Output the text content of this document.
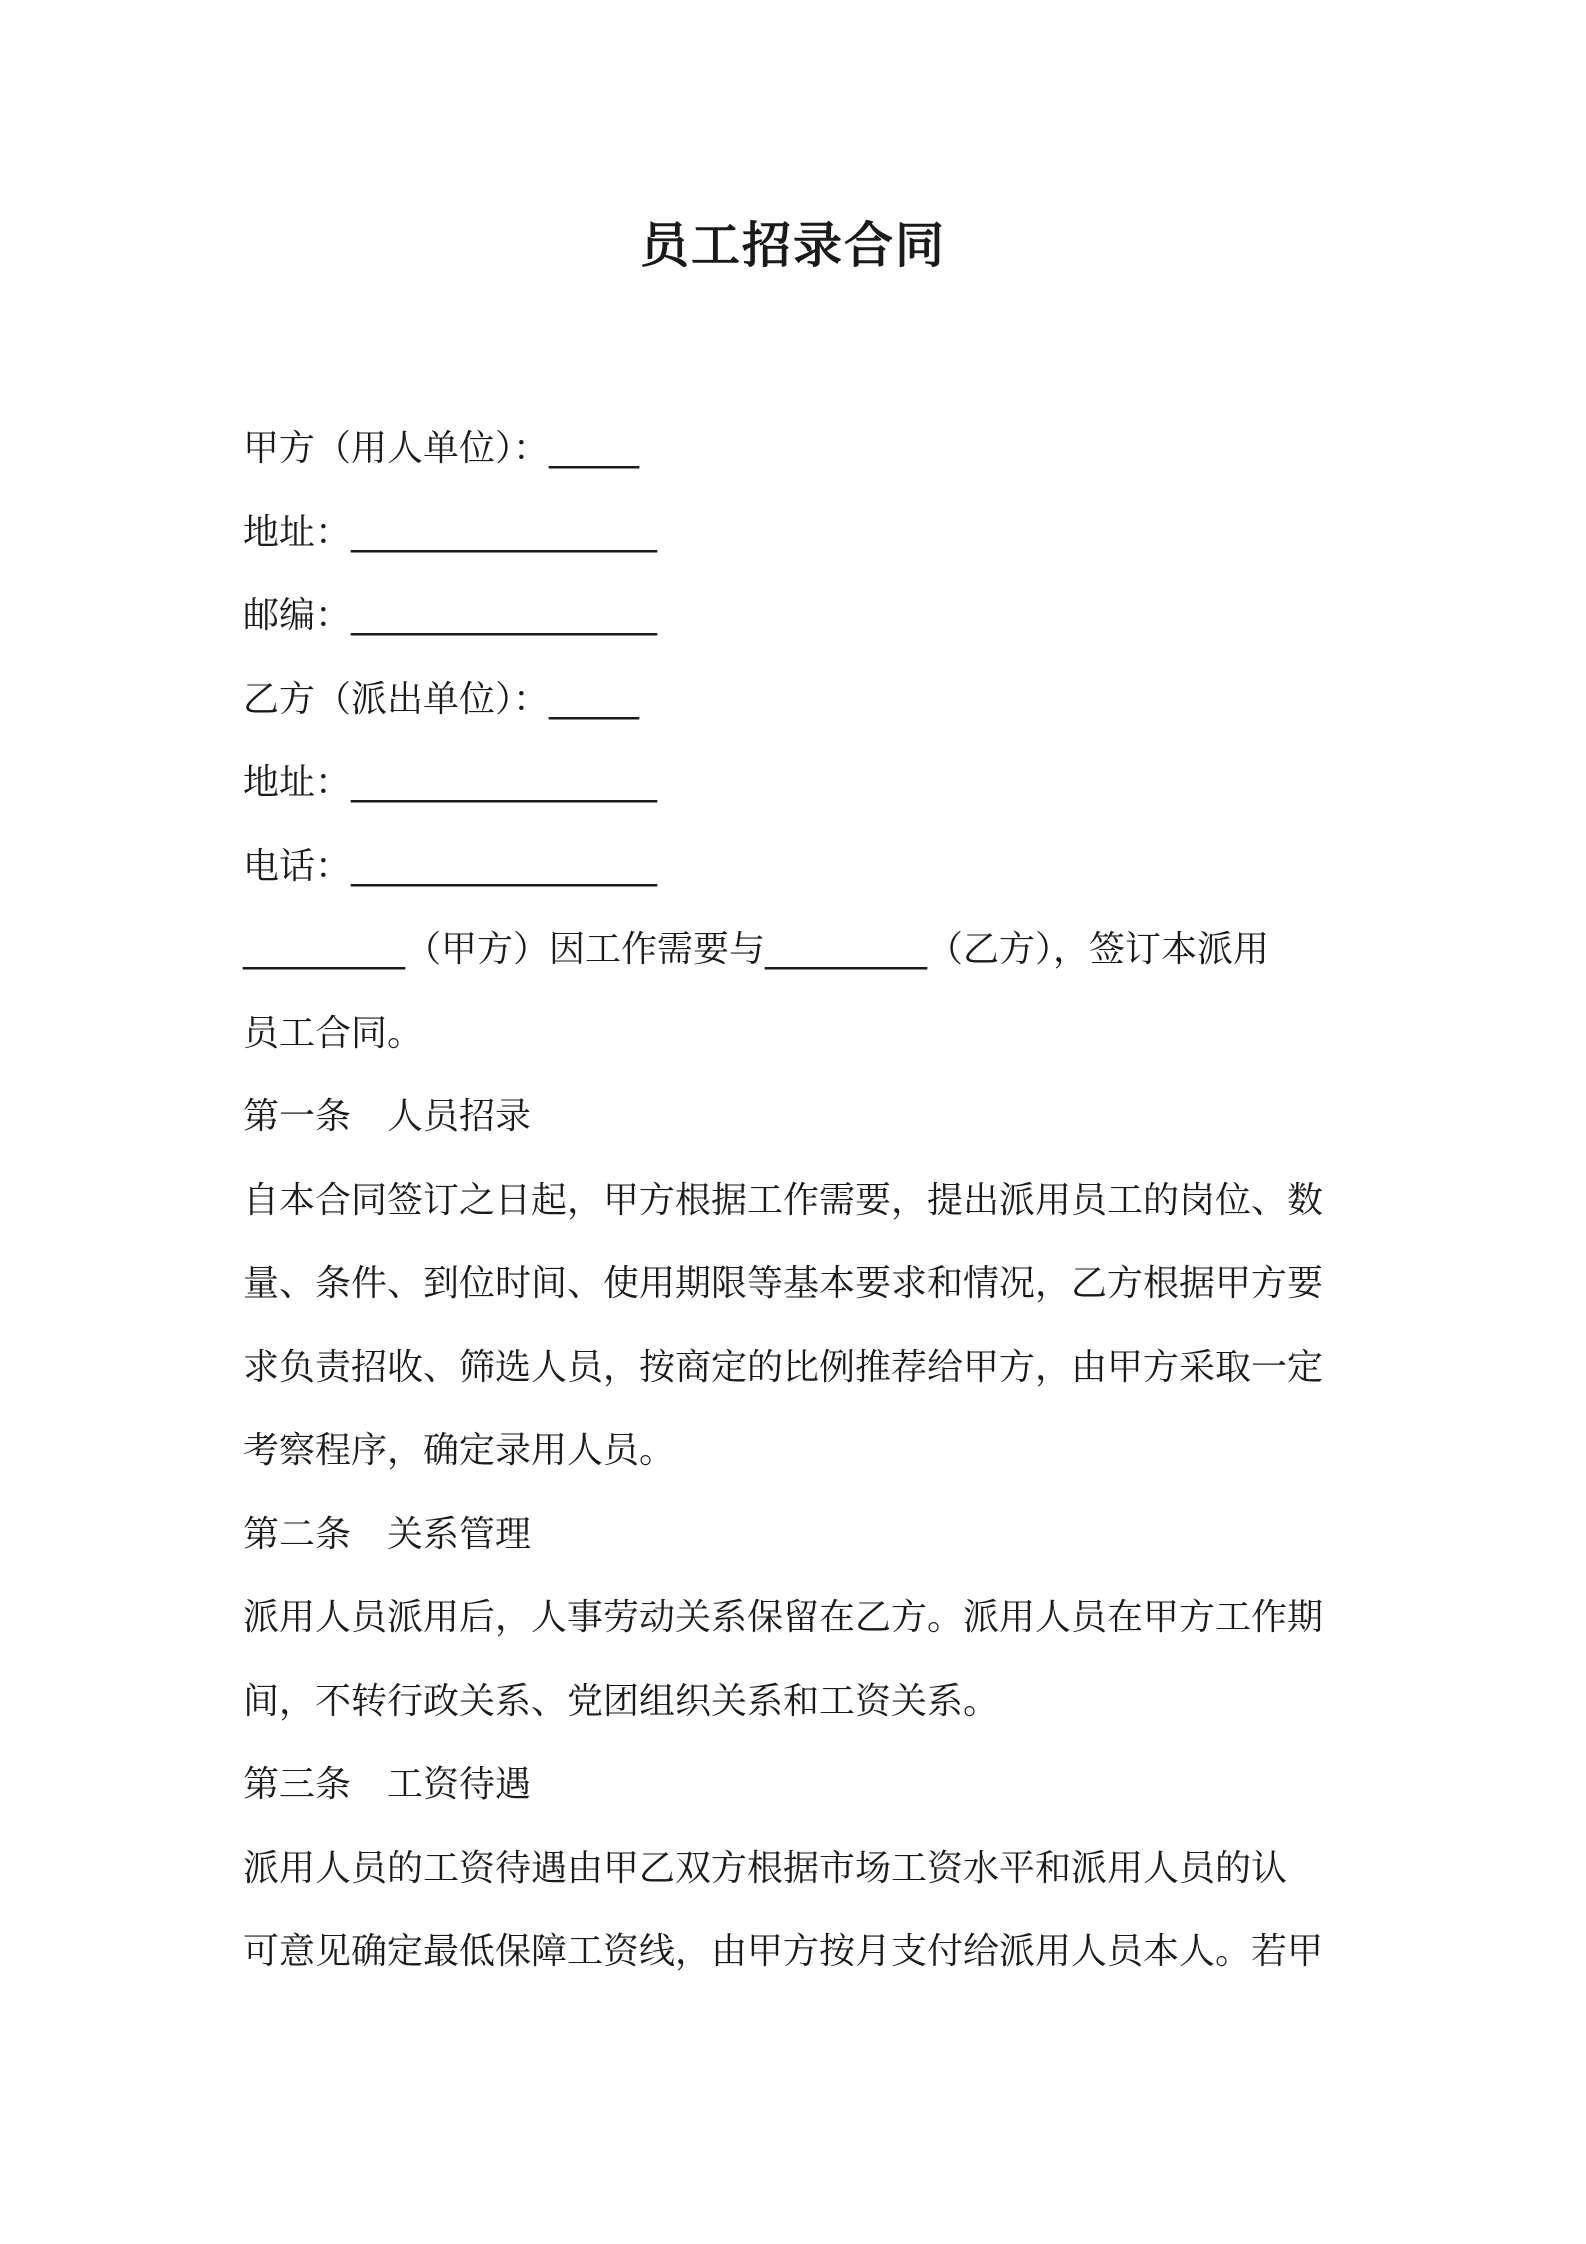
员工招录合同
甲方（用人单位）：_____
地址：_________________
邮编：_________________
乙方（派出单位）：_____
地址：_________________
电话：_________________
_________（甲方）因工作需要与_________（乙方），签订本派用
员工合同。
第一条　人员招录
自本合同签订之日起，甲方根据工作需要，提出派用员工的岗位、数
量、条件、到位时间、使用期限等基本要求和情况，乙方根据甲方要
求负责招收、筛选人员，按商定的比例推荐给甲方，由甲方采取一定
考察程序，确定录用人员。
第二条　关系管理
派用人员派用后，人事劳动关系保留在乙方。派用人员在甲方工作期
间，不转行政关系、党团组织关系和工资关系。
第三条　工资待遇
派用人员的工资待遇由甲乙双方根据市场工资水平和派用人员的认
可意见确定最低保障工资线，由甲方按月支付给派用人员本人。若甲
